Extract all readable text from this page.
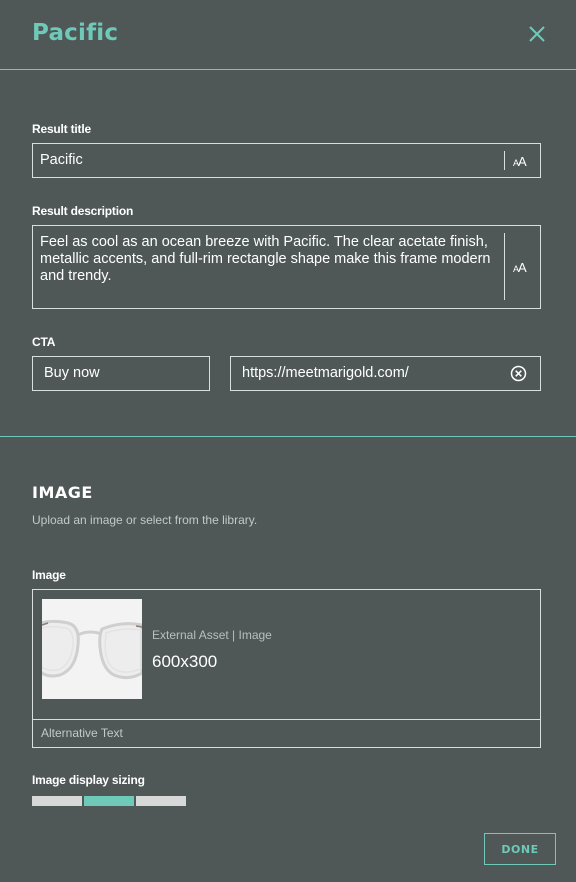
Pacific
Result title
Pacific	AA
Result description
Feel as cool as an ocean breeze with Pacific. The clear acetate finish, metallic accents, and full-rim rectangle shape make this frame modern and trendy.	AA
CTA
Buy now	https://meetmarigold.com/
IMAGE
Upload an image or select from the library.
Image
External Asset | Image
600x300
Alternative Text
Image display sizing
DONE
